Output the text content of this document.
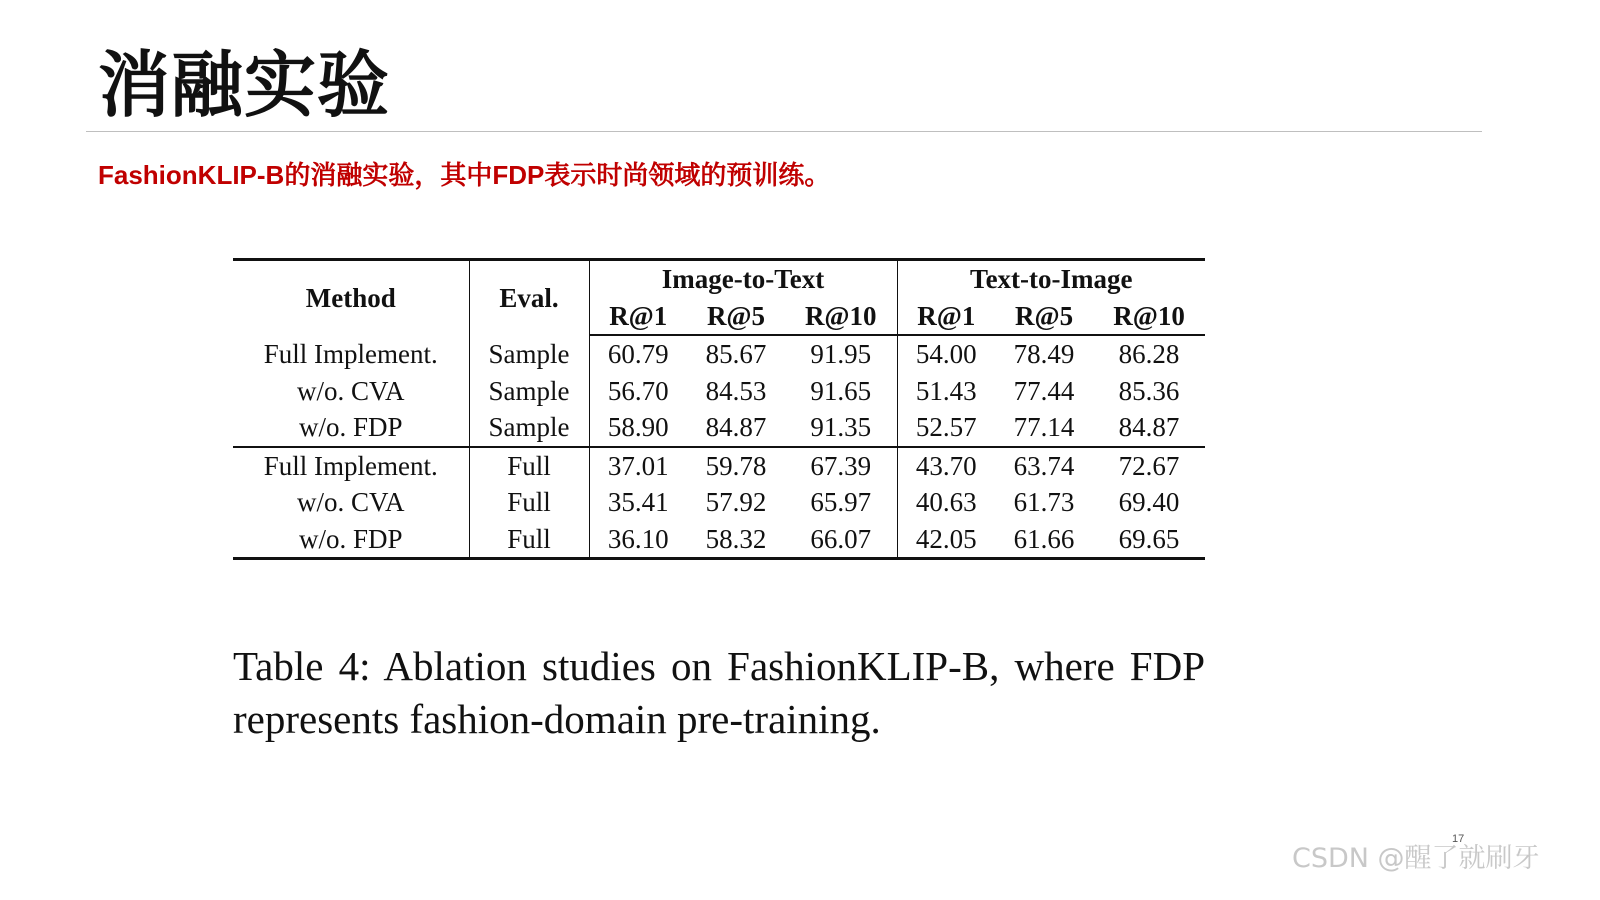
消融实验
FashionKLIP-B的消融实验，其中FDP表示时尚领域的预训练。
Method	Eval.	Image-to-Text			Text-to-Image		
		R@1	R@5	R@10	R@1	R@5	R@10
Full Implement.	Sample	60.79	85.67	91.95	54.00	78.49	86.28
w/o. CVA	Sample	56.70	84.53	91.65	51.43	77.44	85.36
w/o. FDP	Sample	58.90	84.87	91.35	52.57	77.14	84.87
Full Implement.	Full	37.01	59.78	67.39	43.70	63.74	72.67
w/o. CVA	Full	35.41	57.92	65.97	40.63	61.73	69.40
w/o. FDP	Full	36.10	58.32	66.07	42.05	61.66	69.65
Table 4: Ablation studies on FashionKLIP-B, where FDP represents fashion-domain pre-training.
17
CSDN @醒了就刷牙
